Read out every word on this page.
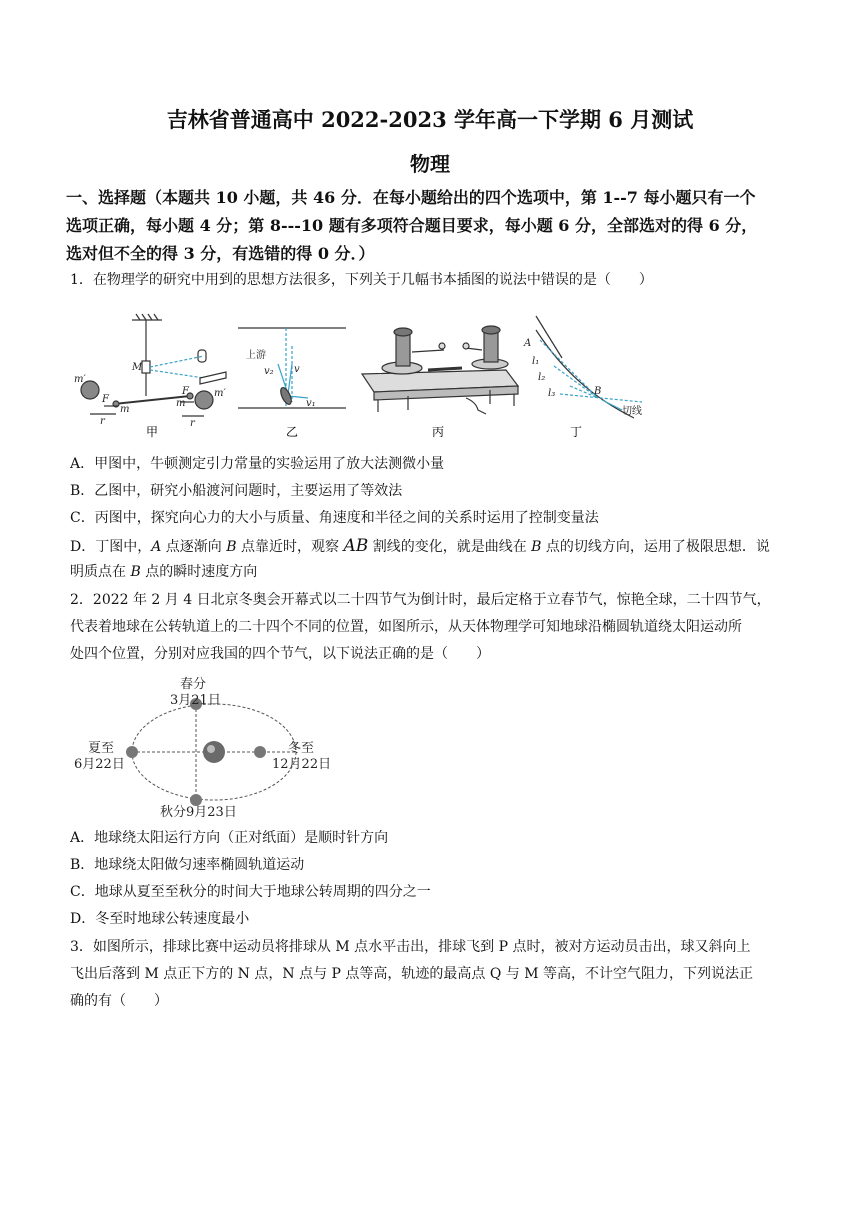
吉林省普通高中 2022-2023 学年高一下学期 6 月测试
物理
一、选择题（本题共 10 小题，共 46 分．在每小题给出的四个选项中，第 1--7 每小题只有一个
选项正确，每小题 4 分；第 8---10 题有多项符合题目要求，每小题 6 分，全部选对的得 6 分，
选对但不全的得 3 分，有选错的得 0 分．）
1．在物理学的研究中用到的思想方法很多，下列关于几幅书本插图的说法中错误的是（　　）
M
m′
m
F
r
F
m
m′
r
甲
上游
v₂ v
v₁
乙	丙
A
l₁
l₂
l₃	B
切线
丁
A．甲图中，牛顿测定引力常量的实验运用了放大法测微小量
B．乙图中，研究小船渡河问题时，主要运用了等效法
C．丙图中，探究向心力的大小与质量、角速度和半径之间的关系时运用了控制变量法
D．丁图中，A 点逐渐向 B 点靠近时，观察 AB 割线的变化，就是曲线在 B 点的切线方向，运用了极限思想．说
明质点在 B 点的瞬时速度方向
2．2022 年 2 月 4 日北京冬奥会开幕式以二十四节气为倒计时，最后定格于立春节气，惊艳全球，二十四节气，
代表着地球在公转轨道上的二十四个不同的位置，如图所示，从天体物理学可知地球沿椭圆轨道绕太阳运动所
处四个位置，分别对应我国的四个节气，以下说法正确的是（　　）
春分
3月21日
夏至
6月22日
冬至
12月22日
秋分9月23日
A．地球绕太阳运行方向（正对纸面）是顺时针方向
B．地球绕太阳做匀速率椭圆轨道运动
C．地球从夏至至秋分的时间大于地球公转周期的四分之一
D．冬至时地球公转速度最小
3．如图所示，排球比赛中运动员将排球从 M 点水平击出，排球飞到 P 点时，被对方运动员击出，球又斜向上
飞出后落到 M 点正下方的 N 点，N 点与 P 点等高，轨迹的最高点 Q 与 M 等高，不计空气阻力，下列说法正
确的有（　　）
